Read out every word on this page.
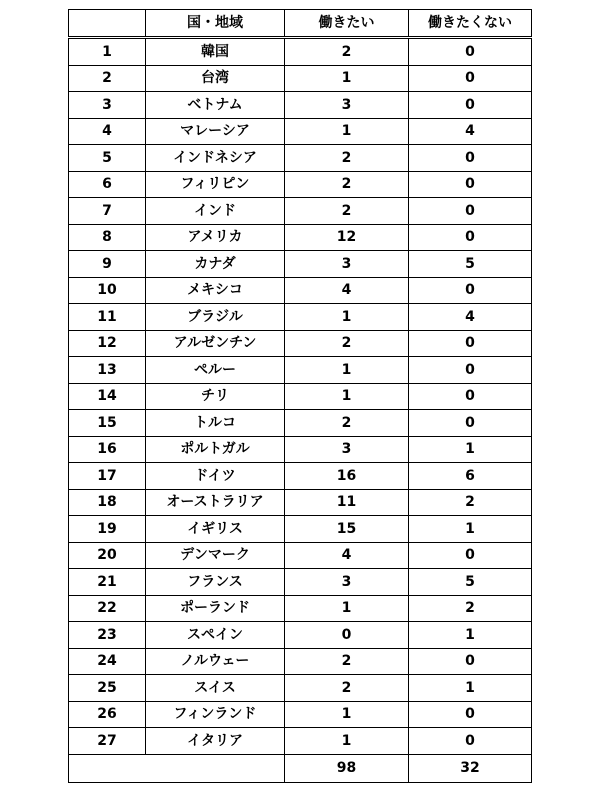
	国・地域	働きたい	働きたくない
1	韓国	2	0
2	台湾	1	0
3	ベトナム	3	0
4	マレーシア	1	4
5	インドネシア	2	0
6	フィリピン	2	0
7	インド	2	0
8	アメリカ	12	0
9	カナダ	3	5
10	メキシコ	4	0
11	ブラジル	1	4
12	アルゼンチン	2	0
13	ペルー	1	0
14	チリ	1	0
15	トルコ	2	0
16	ポルトガル	3	1
17	ドイツ	16	6
18	オーストラリア	11	2
19	イギリス	15	1
20	デンマーク	4	0
21	フランス	3	5
22	ポーランド	1	2
23	スペイン	0	1
24	ノルウェー	2	0
25	スイス	2	1
26	フィンランド	1	0
27	イタリア	1	0
		98	32
